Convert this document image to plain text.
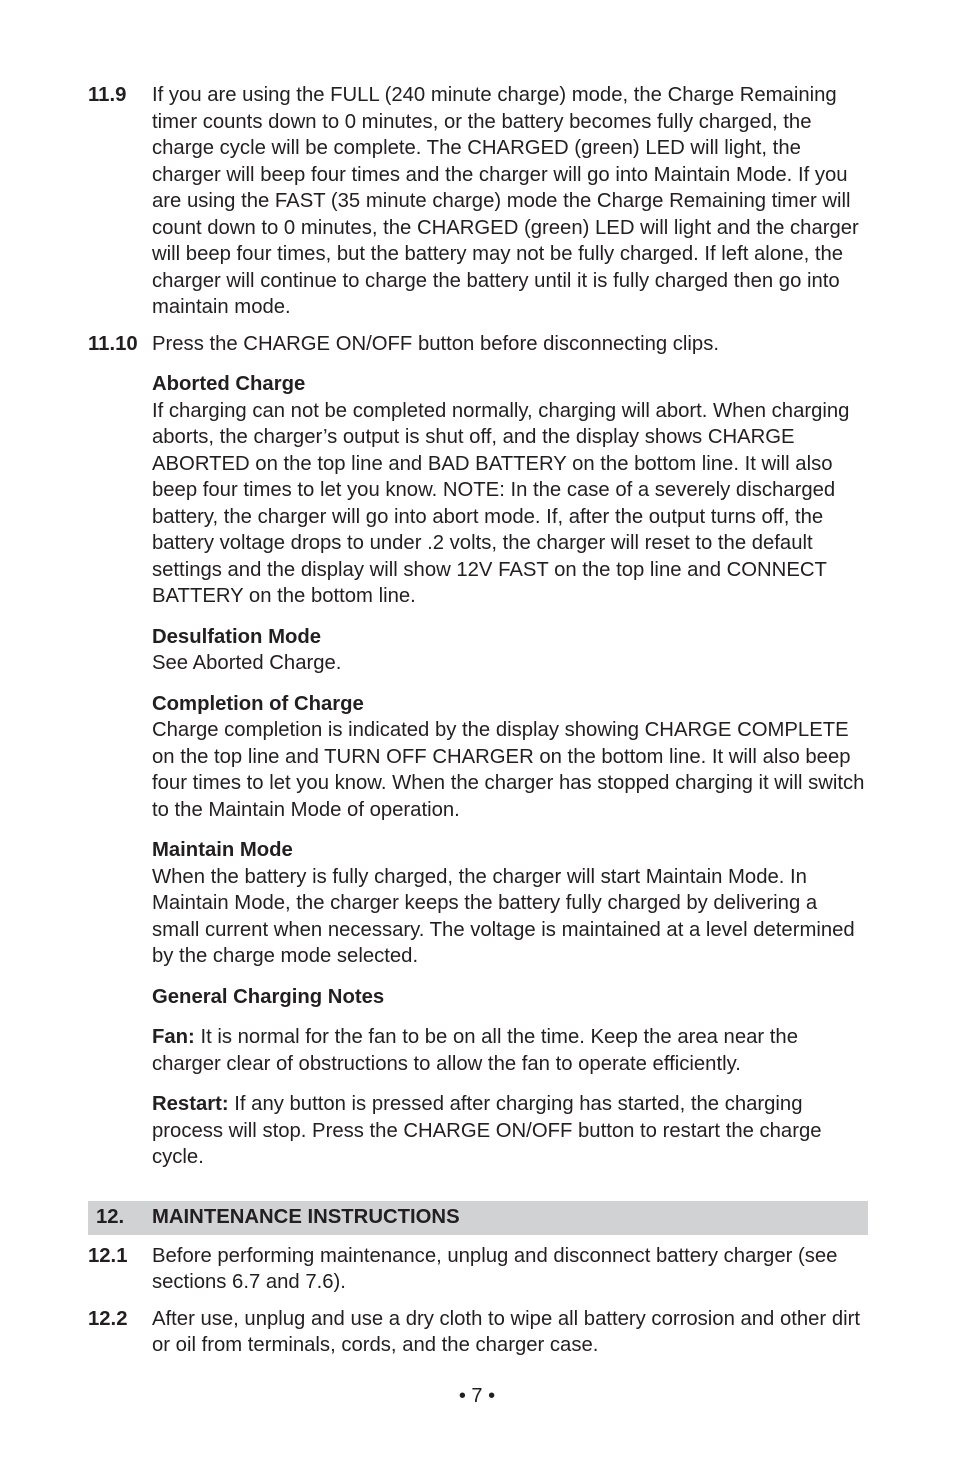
11.9	If you are using the FULL (240 minute charge) mode, the Charge Remaining timer counts down to 0 minutes, or the battery becomes fully charged, the charge cycle will be complete. The CHARGED (green) LED will light, the charger will beep four times and the charger will go into Maintain Mode. If you are using the FAST (35 minute charge) mode the Charge Remaining timer will count down to 0 minutes, the CHARGED (green) LED will light and the charger will beep four times, but the battery may not be fully charged. If left alone, the charger will continue to charge the battery until it is fully charged then go into maintain mode.

11.10 Press the CHARGE ON/OFF button before disconnecting clips.

Aborted Charge

If charging can not be completed normally, charging will abort. When charging aborts, the charger’s output is shut off, and the display shows CHARGE ABORTED on the top line and BAD BATTERY on the bottom line. It will also beep four times to let you know. NOTE: In the case of a severely discharged battery, the charger will go into abort mode. If, after the output turns off, the battery voltage drops to under .2 volts, the charger will reset to the default settings and the display will show 12V FAST on the top line and CONNECT BATTERY on the bottom line.

Desulfation Mode

See Aborted Charge.

Completion of Charge

Charge completion is indicated by the display showing CHARGE COMPLETE on the top line and TURN OFF CHARGER on the bottom line. It will also beep four times to let you know. When the charger has stopped charging it will switch to the Maintain Mode of operation.

Maintain Mode

When the battery is fully charged, the charger will start Maintain Mode. In Maintain Mode, the charger keeps the battery fully charged by delivering a small current when necessary. The voltage is maintained at a level determined by the charge mode selected.

General Charging Notes

Fan: It is normal for the fan to be on all the time. Keep the area near the charger clear of obstructions to allow the fan to operate efficiently.

Restart: If any button is pressed after charging has started, the charging process will stop. Press the CHARGE ON/OFF button to restart the charge cycle.

12.	MAINTENANCE INSTRUCTIONS
12.1	Before performing maintenance, unplug and disconnect battery charger (see sections 6.7 and 7.6).

12.2	After use, unplug and use a dry cloth to wipe all battery corrosion and other dirt or oil from terminals, cords, and the charger case.

• 7 •
